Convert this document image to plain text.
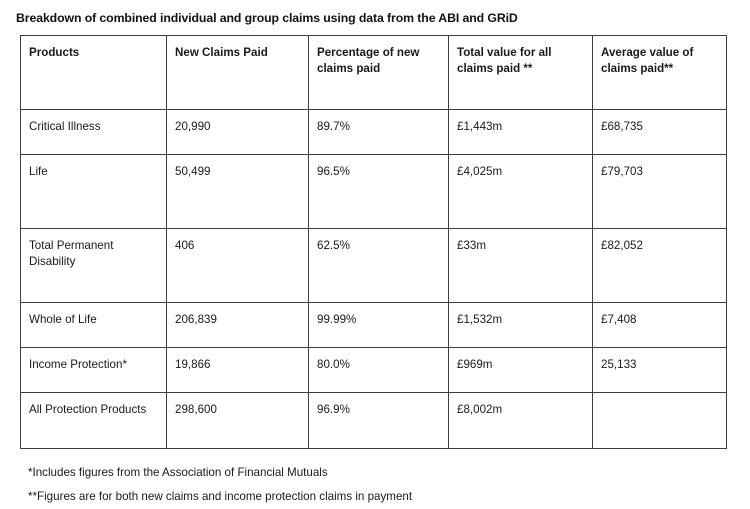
Breakdown of combined individual and group claims using data from the ABI and GRiD
Products	New Claims Paid	Percentage of new claims paid	Total value for all claims paid **	Average value of claims paid**
Critical Illness	20,990	89.7%	£1,443m	£68,735
Life	50,499	96.5%	£4,025m	£79,703
Total Permanent Disability	406	62.5%	£33m	£82,052
Whole of Life	206,839	99.99%	£1,532m	£7,408
Income Protection*	19,866	80.0%	£969m	25,133
All Protection Products	298,600	96.9%	£8,002m	
*Includes figures from the Association of Financial Mutuals
**Figures are for both new claims and income protection claims in payment
